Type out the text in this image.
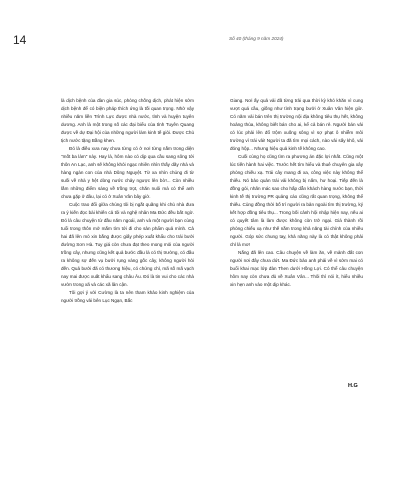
14	Số 40 (tháng 9 năm 2024)

là dịch bệnh của đàn gia súc, phòng chống dịch, phát hiện sớm dịch bệnh để có biện pháp thích ứng là tối quan trọng. Nhờ vậy nhiều năm liền Trình Lực được nhà nước, tỉnh và huyện tuyên dương. Anh là một trong số các đại biểu của tỉnh Tuyên Quang được về dự Đại hội của những người làm kinh tế giỏi. Được Chủ tịch nước tặng Bằng khen.

Đó là điều xưa nay chưa từng có ở nơi từng nằm trong diện "mốt ba làm" này. Hay là, hôm nào có dịp qua cầu sang sông tới thôn An Lạc, anh sẽ không khỏi ngạc nhiên nhìn thấy dãy nhà và hàng ngàn con của nhà Dũng Nguyệt. Từ xa nhìn chúng đi từ suối về nhà y hệt dòng nước chảy ngược lên bờ!... Còn nhiều lắm những điểm sáng về trồng trọt, chăn nuôi mà có thể anh chưa gặp ở đâu, lại có ở Xuân Vân bây giờ.

Cuộc trao đổi giữa chúng tôi bị ngắt quãng khi chủ nhà đưa ra ý kiến đọc bài khiến cả tôi và nghệ nhân Ma Đức đều bất ngờ. Đó là câu chuyện từ đầu năm ngoái, anh và một người bạn cùng tuổi trong thôn mở mắm tìm tới đi cho sản phẩm quả mình. Cả hai đã lên mò xin bằng được giấy phép xuất khẩu cho trái bưởi đường Sơn Hà. Tuy giá còn chưa đạt theo mong mỏi của người trồng cây, nhưng cũng kết quả bước đầu là có thị trường, có đầu ra không sợ đến vụ bưởi rụng vàng gốc cây, không người hỏi đến. Quả bưởi đã có thương hiệu, có chứng chỉ, mã số mã vạch nay mai được xuất khẩu sang châu Âu. Đó là tin vui cho các nhà vườn trong xã và các xã lân cận.

Tôi gợi ý với Cường là ta nên tham khảo kinh nghiệm của người trồng vải bên Lục Ngạn, Bắc

Giang. Nơi ấy quả vải đã từng trải qua thời kỳ khó khăn vì cung vượt quá cầu, giống như tình trạng bưởi ở Xuân Vân hiện giờ. Có năm vải bán trên thị trường nội địa không tiêu thụ hết, không hoảng thủa, không biết bán cho ai, kể cả bán rẻ. Người bán vải có lúc phải lên đổ trộm xuống sông vì sợ phạt ô nhiễm môi trường vì trái vải! Người ta đã tìm mọi cách, nào vải sấy khô, vải đóng hộp... Nhưng hiệu quả kinh tế không cao.

Cuối cùng họ cũng tìm ra phương án đặc lợi nhất. Cũng một lúc tiến hành hai việc. Trước hết tìm hiểu và thuê chuyên gia xây phòng chiếu xạ. Trái cây mang đi xa, công việc này không thể thiếu. Nó bảo quản trái vải không bị nấm, hư hoại. Tiếp đến là đồng gói, nhãn mác sao cho hấp dẫn khách hàng nước bạn, thời kinh tế thị trường PR quảng cáo cũng rất quan trọng, không thể thiếu. Cùng đồng thời bố trí người ra bản ngoài tìm thị trường, ký kết hợp đồng tiêu thụ... Trong bối cảnh hội nhập hiện nay, nếu ai có quyết tâm là làm được không còn trở ngại. Giá thành rồi phòng chiếu xạ như thế nằm trong khả năng tài chính của nhiều người. Góp sức chung tay, khả năng này là có thật không phải chỉ là mơ!

Nắng đã lên cao. Câu chuyện về làm ăn, về mảnh đất con người nơi đây chưa dứt. Ma Đức bảo anh phải về vì sớm mai có buổi khai mạc lớp đàn Then dưới Hồng Lợi. Có thể câu chuyện hôm nay còn chưa đủ về Xuân Vân... Thôi thì nói ít, hiểu nhiều xin hẹn anh vào một dịp khác.

H.G
